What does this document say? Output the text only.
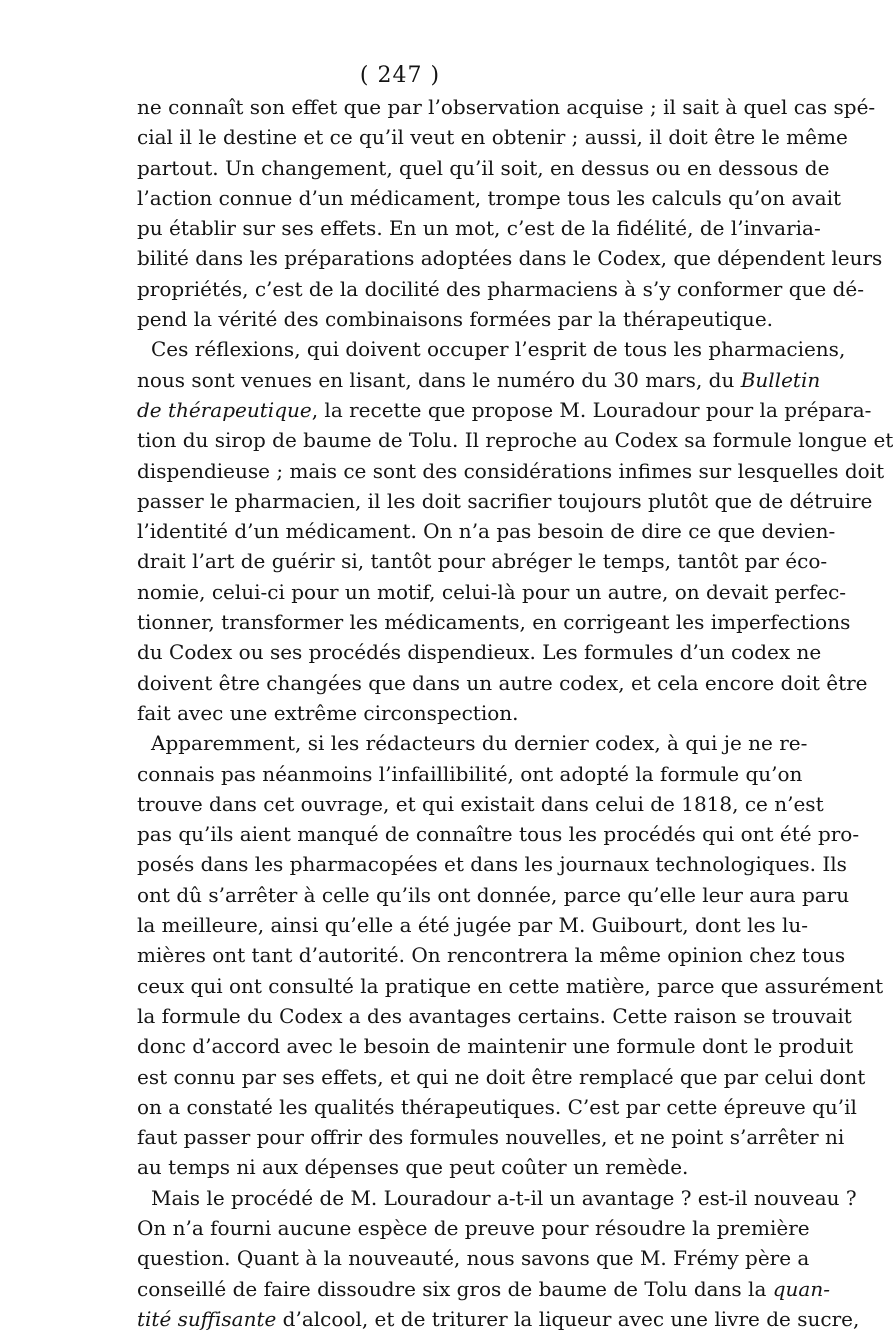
( 247 )
ne connaît son effet que par l’observation acquise ; il sait à quel cas spé-
cial il le destine et ce qu’il veut en obtenir ; aussi, il doit être le même
partout. Un changement, quel qu’il soit, en dessus ou en dessous de
l’action connue d’un médicament, trompe tous les calculs qu’on avait
pu établir sur ses effets. En un mot, c’est de la fidélité, de l’invaria-
bilité dans les préparations adoptées dans le Codex, que dépendent leurs
propriétés, c’est de la docilité des pharmaciens à s’y conformer que dé-
pend la vérité des combinaisons formées par la thérapeutique.
Ces réflexions, qui doivent occuper l’esprit de tous les pharmaciens,
nous sont venues en lisant, dans le numéro du 30 mars, du Bulletin
de thérapeutique, la recette que propose M. Louradour pour la prépara-
tion du sirop de baume de Tolu. Il reproche au Codex sa formule longue et
dispendieuse ; mais ce sont des considérations infimes sur lesquelles doit
passer le pharmacien, il les doit sacrifier toujours plutôt que de détruire
l’identité d’un médicament. On n’a pas besoin de dire ce que devien-
drait l’art de guérir si, tantôt pour abréger le temps, tantôt par éco-
nomie, celui-ci pour un motif, celui-là pour un autre, on devait perfec-
tionner, transformer les médicaments, en corrigeant les imperfections
du Codex ou ses procédés dispendieux. Les formules d’un codex ne
doivent être changées que dans un autre codex, et cela encore doit être
fait avec une extrême circonspection.
Apparemment, si les rédacteurs du dernier codex, à qui je ne re-
connais pas néanmoins l’infaillibilité, ont adopté la formule qu’on
trouve dans cet ouvrage, et qui existait dans celui de 1818, ce n’est
pas qu’ils aient manqué de connaître tous les procédés qui ont été pro-
posés dans les pharmacopées et dans les journaux technologiques. Ils
ont dû s’arrêter à celle qu’ils ont donnée, parce qu’elle leur aura paru
la meilleure, ainsi qu’elle a été jugée par M. Guibourt, dont les lu-
mières ont tant d’autorité. On rencontrera la même opinion chez tous
ceux qui ont consulté la pratique en cette matière, parce que assurément
la formule du Codex a des avantages certains. Cette raison se trouvait
donc d’accord avec le besoin de maintenir une formule dont le produit
est connu par ses effets, et qui ne doit être remplacé que par celui dont
on a constaté les qualités thérapeutiques. C’est par cette épreuve qu’il
faut passer pour offrir des formules nouvelles, et ne point s’arrêter ni
au temps ni aux dépenses que peut coûter un remède.
Mais le procédé de M. Louradour a-t-il un avantage ? est-il nouveau ?
On n’a fourni aucune espèce de preuve pour résoudre la première
question. Quant à la nouveauté, nous savons que M. Frémy père a
conseillé de faire dissoudre six gros de baume de Tolu dans la quan-
tité suffisante d’alcool, et de triturer la liqueur avec une livre de sucre,
